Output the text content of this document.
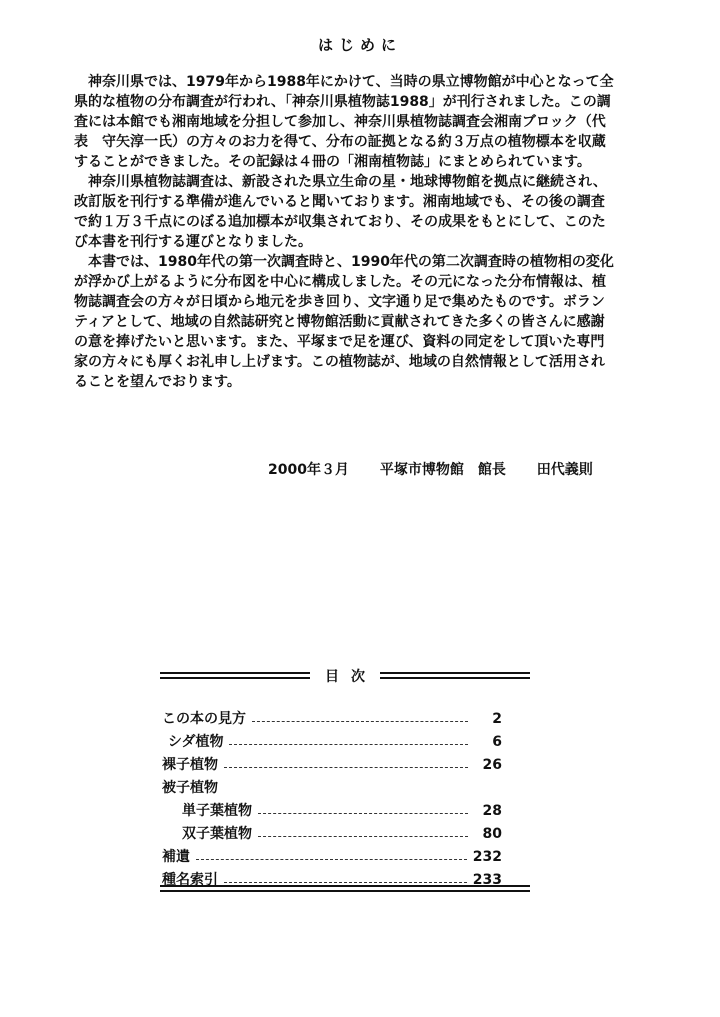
はじめに

神奈川県では、1979年から1988年にかけて、当時の県立博物館が中心となって全県的な植物の分布調査が行われ、「神奈川県植物誌1988」が刊行されました。この調査には本館でも湘南地域を分担して参加し、神奈川県植物誌調査会湘南ブロック（代表　守矢淳一氏）の方々のお力を得て、分布の証拠となる約３万点の植物標本を収蔵することができました。その記録は４冊の「湘南植物誌」にまとめられています。

神奈川県植物誌調査は、新設された県立生命の星・地球博物館を拠点に継続され、改訂版を刊行する準備が進んでいると聞いております。湘南地域でも、その後の調査で約１万３千点にのぼる追加標本が収集されており、その成果をもとにして、このたび本書を刊行する運びとなりました。

本書では、1980年代の第一次調査時と、1990年代の第二次調査時の植物相の変化が浮かび上がるように分布図を中心に構成しました。その元になった分布情報は、植物誌調査会の方々が日頃から地元を歩き回り、文字通り足で集めたものです。ボランティアとして、地域の自然誌研究と博物館活動に貢献されてきた多くの皆さんに感謝の意を捧げたいと思います。また、平塚まで足を運び、資料の同定をして頂いた専門家の方々にも厚くお礼申し上げます。この植物誌が、地域の自然情報として活用されることを望んでおります。

2000年３月 平塚市博物館　館長 田代義則
目次
この本の見方	2
シダ植物	6
裸子植物	26
被子植物
単子葉植物	28
双子葉植物	80
補遺	232
種名索引	233
